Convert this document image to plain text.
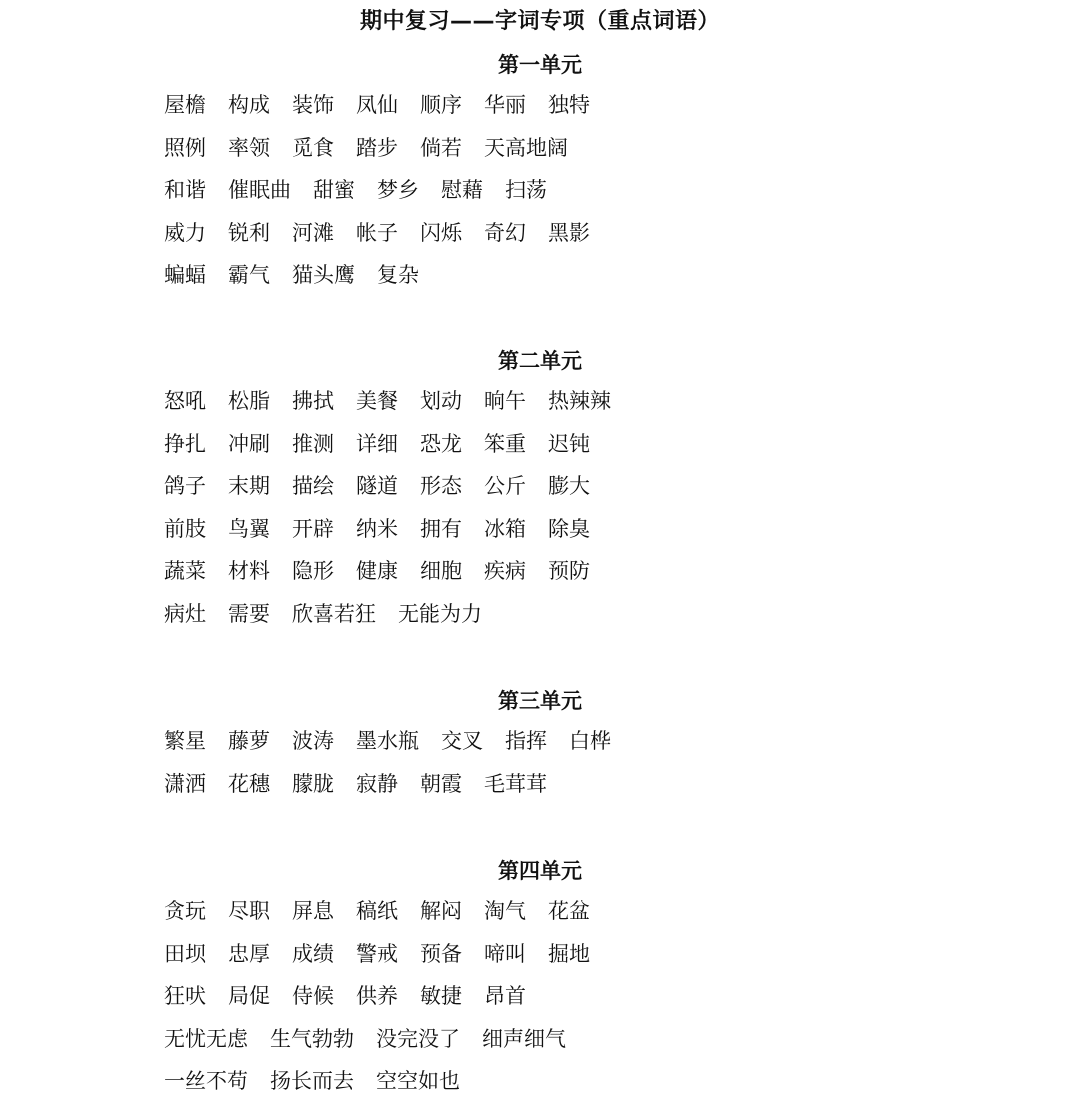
期中复习——字词专项（重点词语）
第一单元
屋檐 构成 装饰 凤仙 顺序 华丽 独特
照例 率领 觅食 踏步 倘若 天高地阔
和谐 催眠曲 甜蜜 梦乡 慰藉 扫荡
威力 锐利 河滩 帐子 闪烁 奇幻 黑影
蝙蝠 霸气 猫头鹰 复杂
第二单元
怒吼 松脂 拂拭 美餐 划动 晌午 热辣辣
挣扎 冲刷 推测 详细 恐龙 笨重 迟钝
鸽子 末期 描绘 隧道 形态 公斤 膨大
前肢 鸟翼 开辟 纳米 拥有 冰箱 除臭
蔬菜 材料 隐形 健康 细胞 疾病 预防
病灶 需要 欣喜若狂 无能为力
第三单元
繁星 藤萝 波涛 墨水瓶 交叉 指挥 白桦
潇洒 花穗 朦胧 寂静 朝霞 毛茸茸
第四单元
贪玩 尽职 屏息 稿纸 解闷 淘气 花盆
田坝 忠厚 成绩 警戒 预备 啼叫 掘地
狂吠 局促 侍候 供养 敏捷 昂首
无忧无虑 生气勃勃 没完没了 细声细气
一丝不苟 扬长而去 空空如也
